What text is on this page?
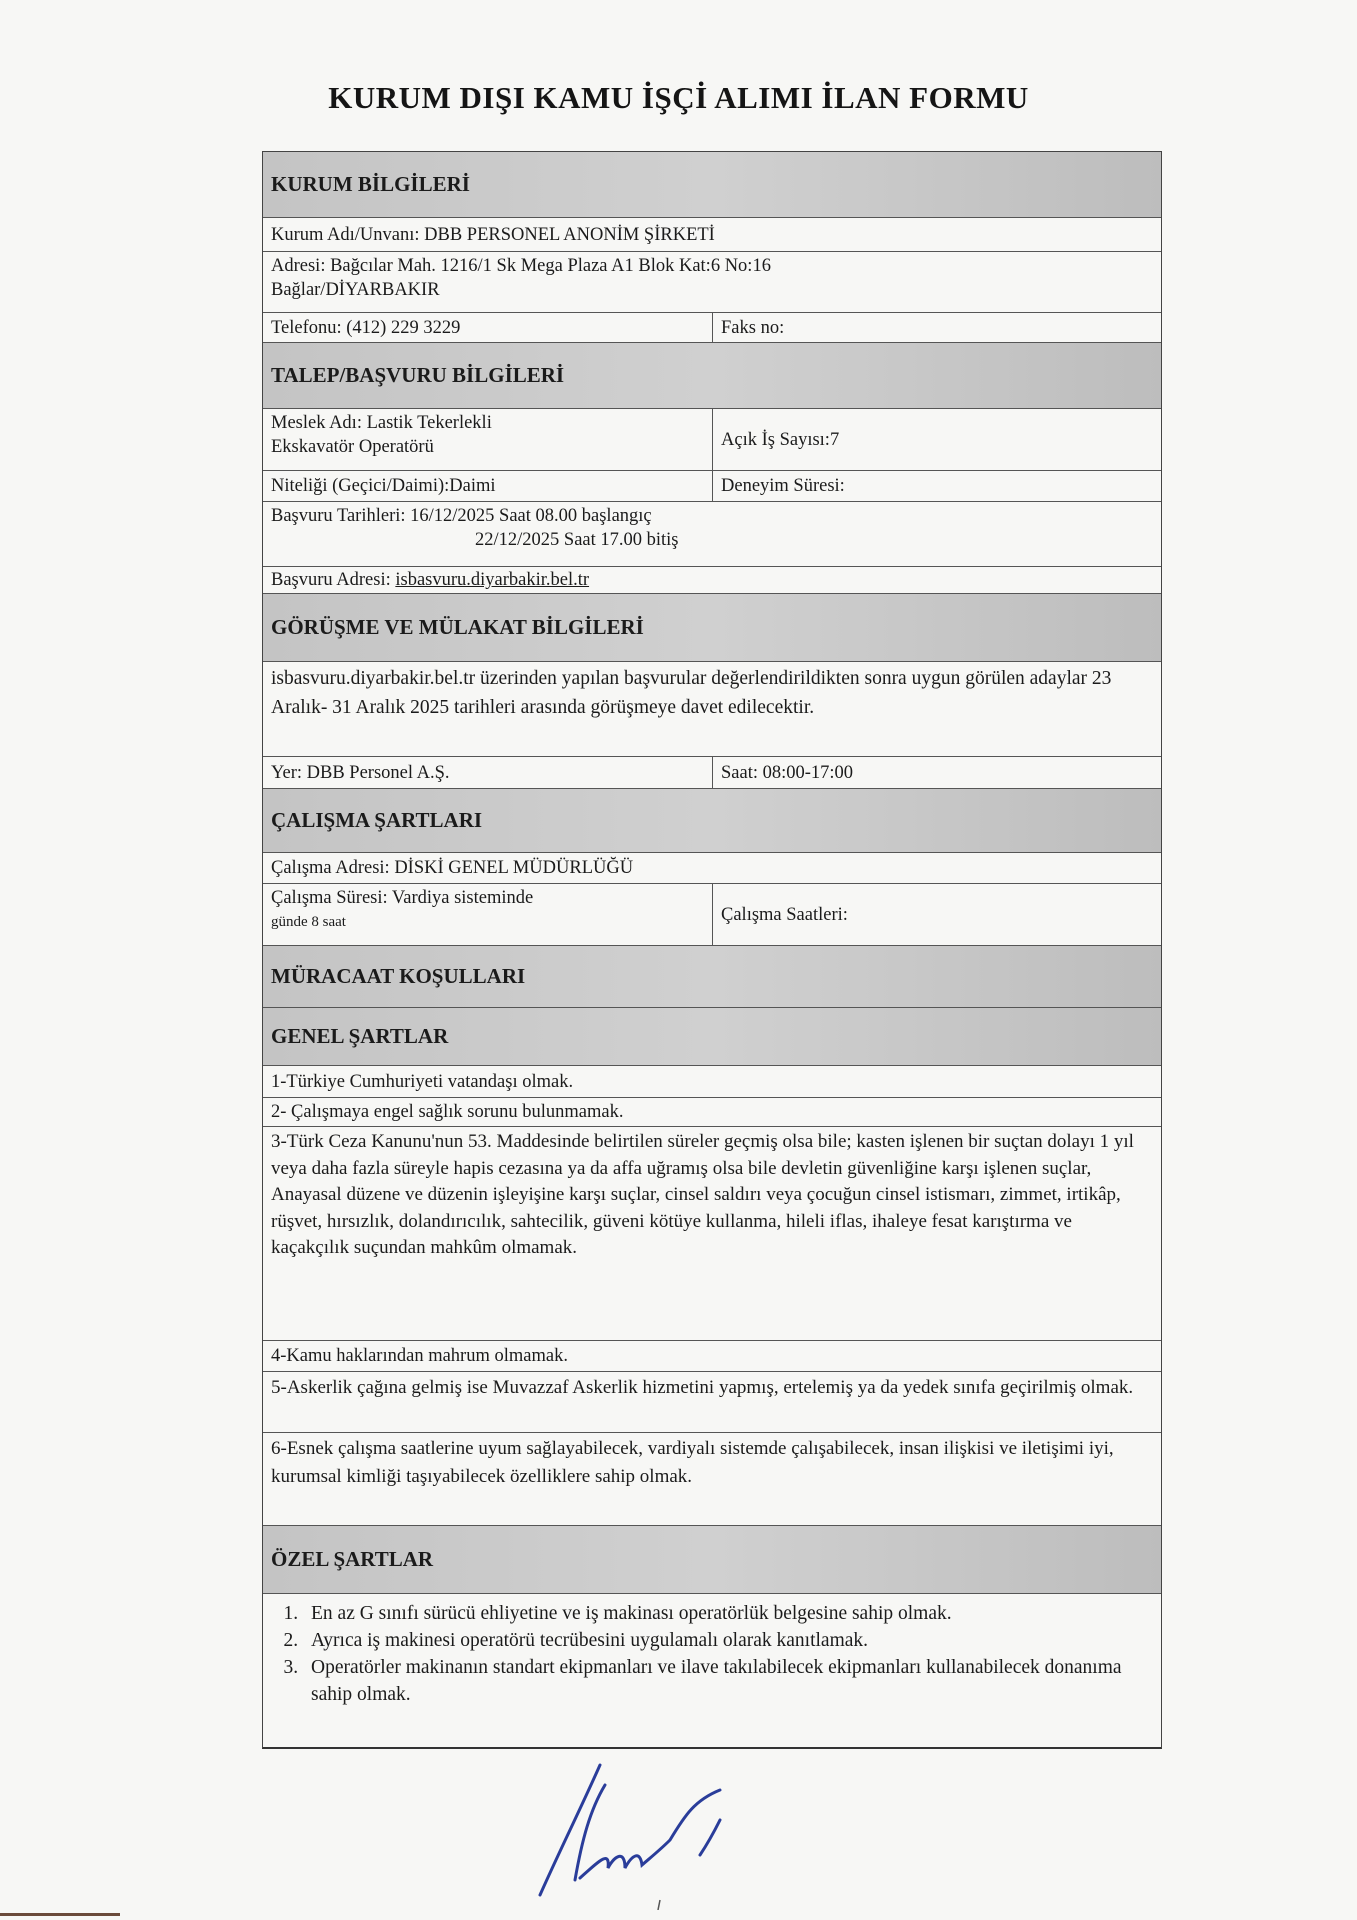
KURUM DIŞI KAMU İŞÇİ ALIMI İLAN FORMU
KURUM BİLGİLERİ
Kurum Adı/Unvanı: DBB PERSONEL ANONİM ŞİRKETİ
Adresi: Bağcılar Mah. 1216/1 Sk Mega Plaza A1 Blok Kat:6 No:16
Bağlar/DİYARBAKIR
Telefonu: (412) 229 3229	Faks no:
TALEP/BAŞVURU BİLGİLERİ
Meslek Adı: Lastik Tekerlekli
Ekskavatör Operatörü	Açık İş Sayısı:7
Niteliği (Geçici/Daimi):Daimi	Deneyim Süresi:
Başvuru Tarihleri: 16/12/2025 Saat 08.00 başlangıç
22/12/2025 Saat 17.00 bitiş
Başvuru Adresi:
isbasvuru.diyarbakir.bel.tr
GÖRÜŞME VE MÜLAKAT BİLGİLERİ
isbasvuru.diyarbakir.bel.tr üzerinden yapılan başvurular değerlendirildikten sonra uygun görülen adaylar 23 Aralık- 31 Aralık 2025 tarihleri arasında görüşmeye davet edilecektir.
Yer: DBB Personel A.Ş.	Saat: 08:00-17:00
ÇALIŞMA ŞARTLARI
Çalışma Adresi: DİSKİ GENEL MÜDÜRLÜĞÜ
Çalışma Süresi: Vardiya sisteminde
günde 8 saat	Çalışma Saatleri:
MÜRACAAT KOŞULLARI
GENEL ŞARTLAR
1-Türkiye Cumhuriyeti vatandaşı olmak.
2- Çalışmaya engel sağlık sorunu bulunmamak.
3-Türk Ceza Kanunu'nun 53. Maddesinde belirtilen süreler geçmiş olsa bile; kasten işlenen bir suçtan dolayı 1 yıl veya daha fazla süreyle hapis cezasına ya da affa uğramış olsa bile devletin güvenliğine karşı işlenen suçlar, Anayasal düzene ve düzenin işleyişine karşı suçlar, cinsel saldırı veya çocuğun cinsel istismarı, zimmet, irtikâp, rüşvet, hırsızlık, dolandırıcılık, sahtecilik, güveni kötüye kullanma, hileli iflas, ihaleye fesat karıştırma ve kaçakçılık suçundan mahkûm olmamak.
4-Kamu haklarından mahrum olmamak.
5-Askerlik çağına gelmiş ise Muvazzaf Askerlik hizmetini yapmış, ertelemiş ya da yedek sınıfa geçirilmiş olmak.
6-Esnek çalışma saatlerine uyum sağlayabilecek, vardiyalı sistemde çalışabilecek, insan ilişkisi ve iletişimi iyi, kurumsal kimliği taşıyabilecek özelliklere sahip olmak.
ÖZEL ŞARTLAR
1. En az G sınıfı sürücü ehliyetine ve iş makinası operatörlük belgesine sahip olmak.
2. Ayrıca iş makinesi operatörü tecrübesini uygulamalı olarak kanıtlamak.
3. Operatörler makinanın standart ekipmanları ve ilave takılabilecek ekipmanları kullanabilecek donanıma sahip olmak.
